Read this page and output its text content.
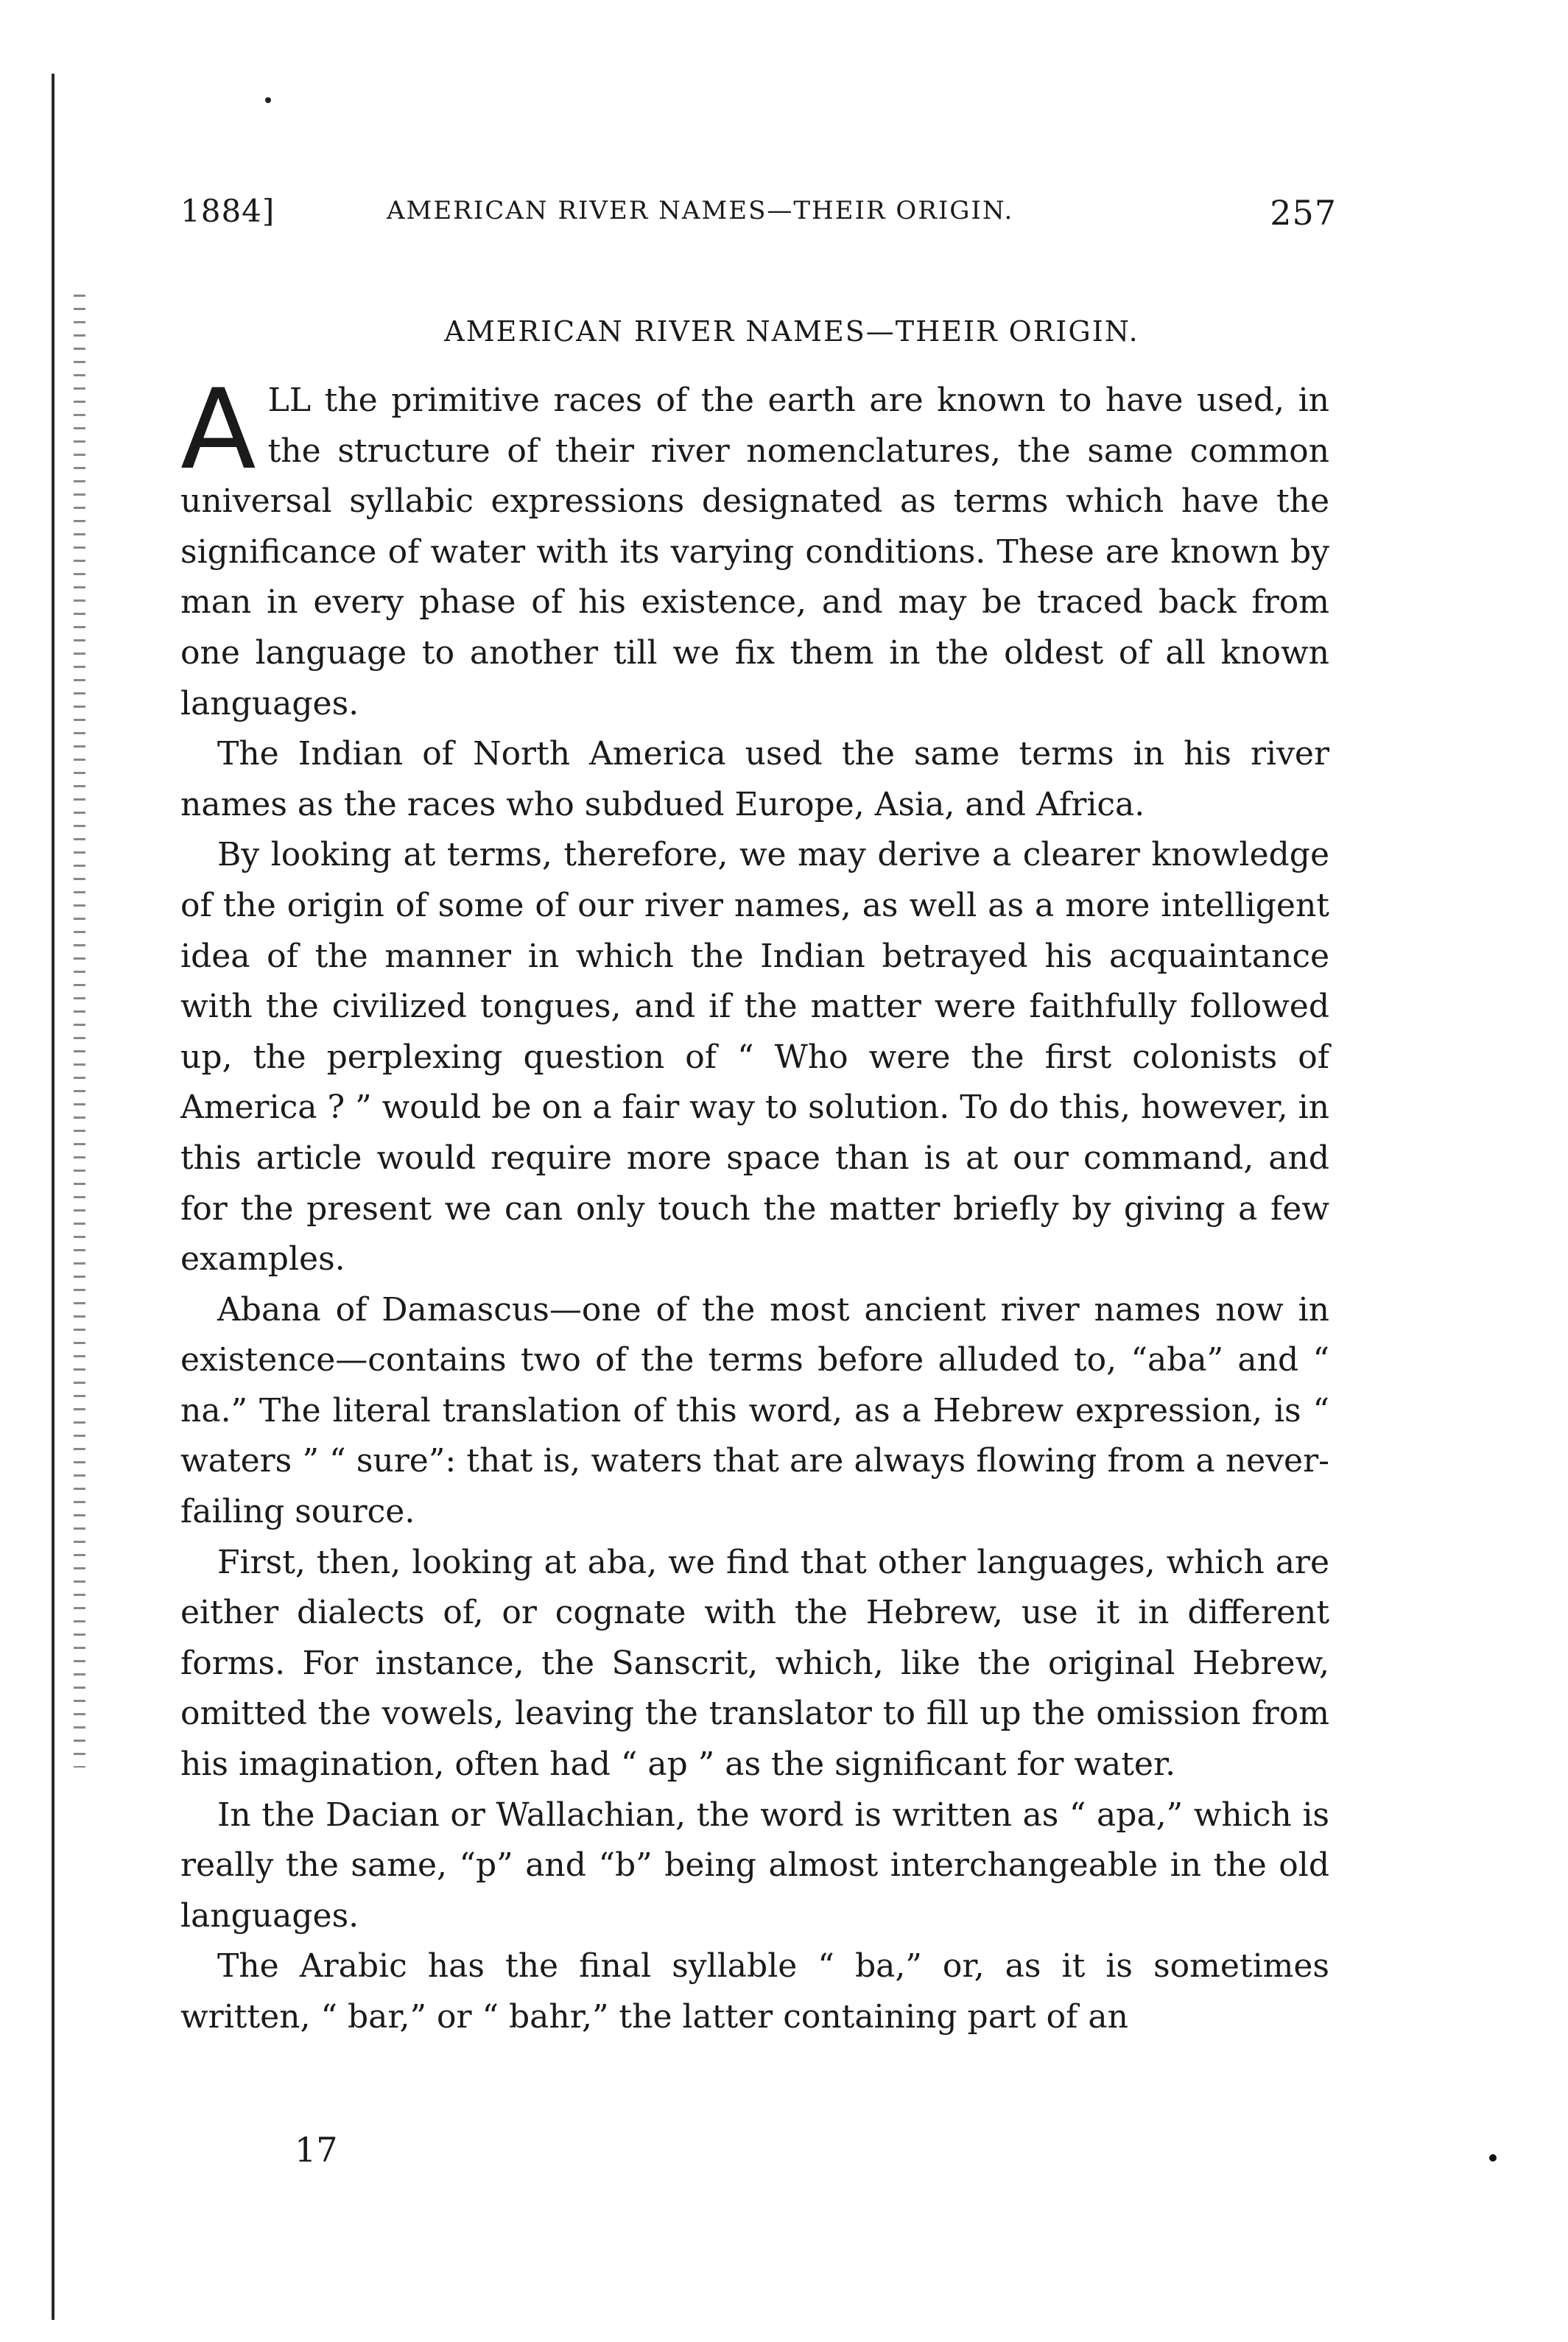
1884]	AMERICAN RIVER NAMES—THEIR ORIGIN.	257
AMERICAN RIVER NAMES—THEIR ORIGIN.

ALL the primitive races of the earth are known to have used, in the structure of their river nomenclatures, the same common universal syllabic expressions designated as terms which have the significance of water with its varying conditions. These are known by man in every phase of his existence, and may be traced back from one language to another till we fix them in the oldest of all known languages.

The Indian of North America used the same terms in his river names as the races who subdued Europe, Asia, and Africa.

By looking at terms, therefore, we may derive a clearer knowledge of the origin of some of our river names, as well as a more intelligent idea of the manner in which the Indian betrayed his acquaintance with the civilized tongues, and if the matter were faithfully followed up, the perplexing question of “ Who were the first colonists of America ? ” would be on a fair way to solution. To do this, however, in this article would require more space than is at our command, and for the present we can only touch the matter briefly by giving a few examples.

Abana of Damascus—one of the most ancient river names now in existence—contains two of the terms before alluded to, “aba” and “ na.” The literal translation of this word, as a Hebrew expression, is “ waters ” “ sure”: that is, waters that are always flowing from a never-failing source.

First, then, looking at aba, we find that other languages, which are either dialects of, or cognate with the Hebrew, use it in different forms. For instance, the Sanscrit, which, like the original Hebrew, omitted the vowels, leaving the translator to fill up the omission from his imagination, often had “ ap ” as the significant for water.

In the Dacian or Wallachian, the word is written as “ apa,” which is really the same, “p” and “b” being almost interchangeable in the old languages.

The Arabic has the final syllable “ ba,” or, as it is sometimes written, “ bar,” or “ bahr,” the latter containing part of an

17
